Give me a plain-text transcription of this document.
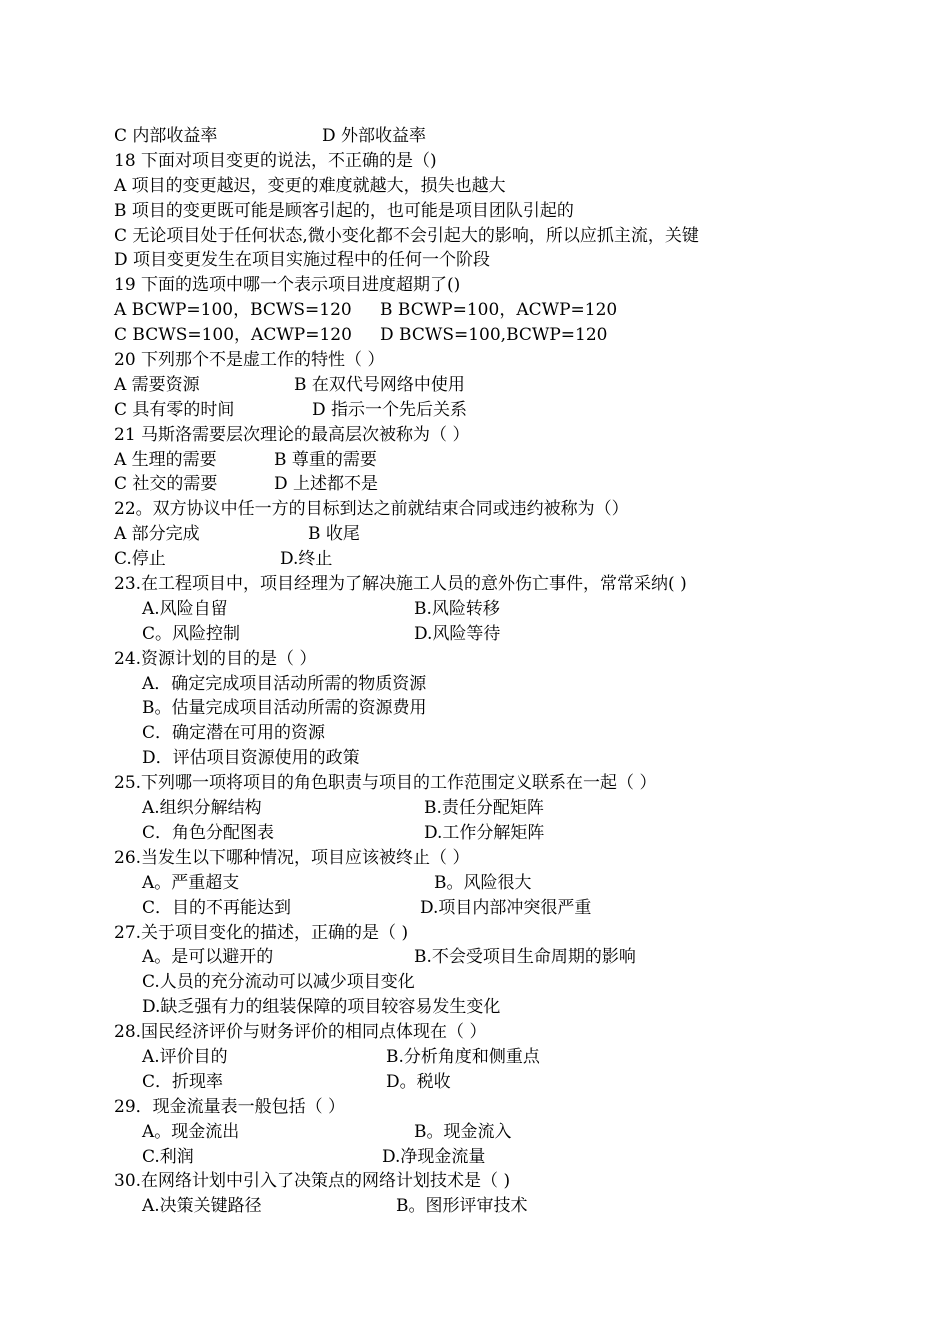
C 内部收益率	D 外部收益率
18 下面对项目变更的说法，不正确的是（)
A 项目的变更越迟，变更的难度就越大，损失也越大
B 项目的变更既可能是顾客引起的，也可能是项目团队引起的
C 无论项目处于任何状态,微小变化都不会引起大的影响，所以应抓主流，关键
D 项目变更发生在项目实施过程中的任何一个阶段
19 下面的选项中哪一个表示项目进度超期了()
A BCWP=100，BCWS=120 B BCWP=100，ACWP=120
C BCWS=100，ACWP=120 D BCWS=100,BCWP=120
20 下列那个不是虚工作的特性（ ）
A 需要资源	B 在双代号网络中使用
C 具有零的时间	D 指示一个先后关系
21 马斯洛需要层次理论的最高层次被称为（ ）
A 生理的需要	B 尊重的需要
C 社交的需要	D 上述都不是
22。双方协议中任一方的目标到达之前就结束合同或违约被称为（）
A 部分完成	B 收尾
C.停止	D.终止
23.在工程项目中，项目经理为了解决施工人员的意外伤亡事件，常常采纳( )
A.风险自留	B.风险转移
C。风险控制	D.风险等待
24.资源计划的目的是（ ）
A．确定完成项目活动所需的物质资源
B。估量完成项目活动所需的资源费用
C．确定潜在可用的资源
D．评估项目资源使用的政策
25.下列哪一项将项目的角色职责与项目的工作范围定义联系在一起（ ）
A.组织分解结构	B.责任分配矩阵
C．角色分配图表	D.工作分解矩阵
26.当发生以下哪种情况，项目应该被终止（ ）
A。严重超支	B。风险很大
C．目的不再能达到	D.项目内部冲突很严重
27.关于项目变化的描述，正确的是（ )
A。是可以避开的	B.不会受项目生命周期的影响
C.人员的充分流动可以减少项目变化
D.缺乏强有力的组装保障的项目较容易发生变化
28.国民经济评价与财务评价的相同点体现在（ ）
A.评价目的	B.分析角度和侧重点
C．折现率	D。税收
29．现金流量表一般包括（ ）
A。现金流出	B。现金流入
C.利润	D.净现金流量
30.在网络计划中引入了决策点的网络计划技术是（ )
A.决策关键路径	B。图形评审技术
